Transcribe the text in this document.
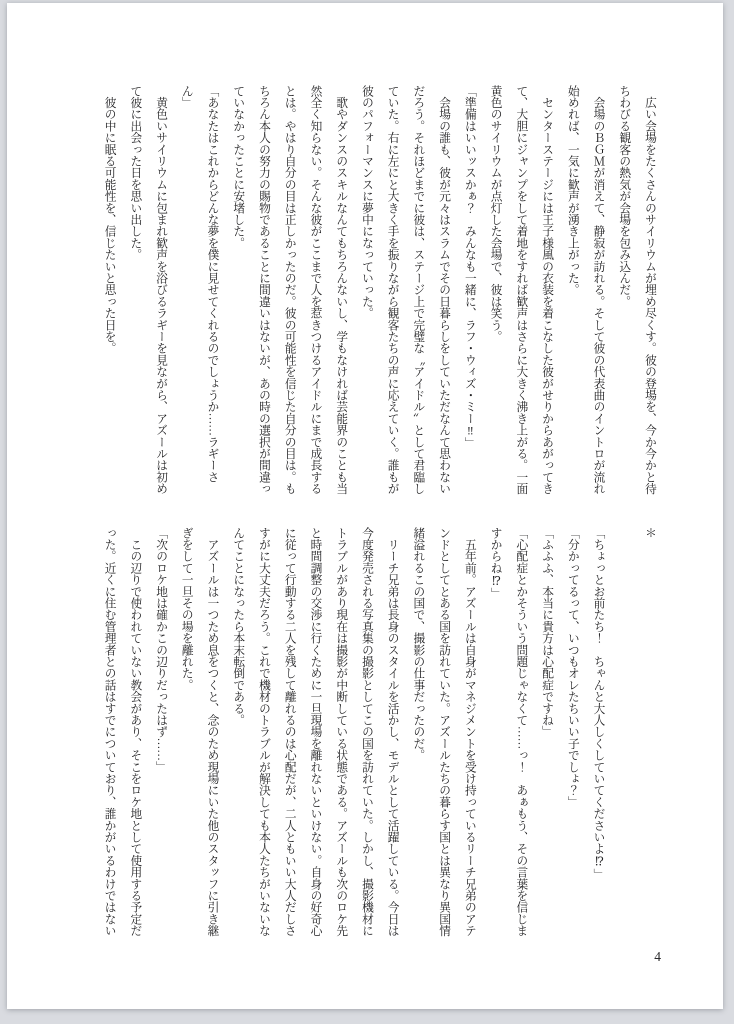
　広い会場をたくさんのサイリウムが埋め尽くす。彼の登場を、今か今かと待ちわびる観客の熱気が会場を包み込んだ。

　会場のＢＧＭが消えて、静寂が訪れる。そして彼の代表曲のイントロが流れ始めれば、一気に歓声が湧き上がった。

　センターステージには王子様風の衣装を着こなした彼がせりからあがってきて、大胆にジャンプをして着地をすれば歓声はさらに大きく沸き上がる。一面黄色のサイリウムが点灯した会場で、彼は笑う。

「準備はいいッスかぁ？　みんなも一緒に、ラフ・ウィズ・ミー‼」

　会場の誰も、彼が元々はスラムでその日暮らしをしていただなんて思わないだろう。それほどまでに彼は、ステージ上で完璧な〝アイドル〟として君臨していた。右に左にと大きく手を振りながら観客たちの声に応えていく。誰もが彼のパフォーマンスに夢中になっていった。

　歌やダンスのスキルなんてもちろんないし、学もなければ芸能界のことも当然全く知らない。そんな彼がここまで人を惹きつけるアイドルにまで成長するとは。やはり自分の目は正しかったのだ。彼の可能性を信じた自分の目は。もちろん本人の努力の賜物であることに間違いはないが、あの時の選択が間違っていなかったことに安堵した。

「あなたはこれからどんな夢を僕に見せてくれるのでしょうか……ラギーさん」

　黄色いサイリウムに包まれ歓声を浴びるラギーを見ながら、アズールは初めて彼に出会った日を思い出した。

　彼の中に眠る可能性を、信じたいと思った日を。

＊

「ちょっとお前たち！　ちゃんと大人しくしていてくださいよ⁉」

「分かってるって、いつもオレたちいい子でしょ？」

「ふふふ、本当に貴方は心配症ですね」

「心配症とかそういう問題じゃなくて……っ！　あぁもう、その言葉を信じますからね⁉」

　五年前。アズールは自身がマネジメントを受け持っているリーチ兄弟のアテンドとしてとある国を訪れていた。アズールたちの暮らす国とは異なり異国情緒溢れるこの国で、撮影の仕事だったのだ。

　リーチ兄弟は長身のスタイルを活かし、モデルとして活躍している。今日は今度発売される写真集の撮影としてこの国を訪れていた。しかし、撮影機材にトラブルがあり現在は撮影が中断している状態である。アズールも次のロケ先と時間調整の交渉に行くために一旦現場を離れないといけない。自身の好奇心に従って行動する二人を残して離れるのは心配だが、二人ともいい大人だしさすがに大丈夫だろう。これで機材のトラブルが解決しても本人たちがいないなんてことになったら本末転倒である。

　アズールは一つため息をつくと、念のため現場にいた他のスタッフに引き継ぎをして一旦その場を離れた。

「次のロケ地は確かこの辺りだったはず……」

　この辺りで使われていない教会があり、そこをロケ地として使用する予定だった。近くに住む管理者との話はすでについており、誰かがいるわけではない

4
